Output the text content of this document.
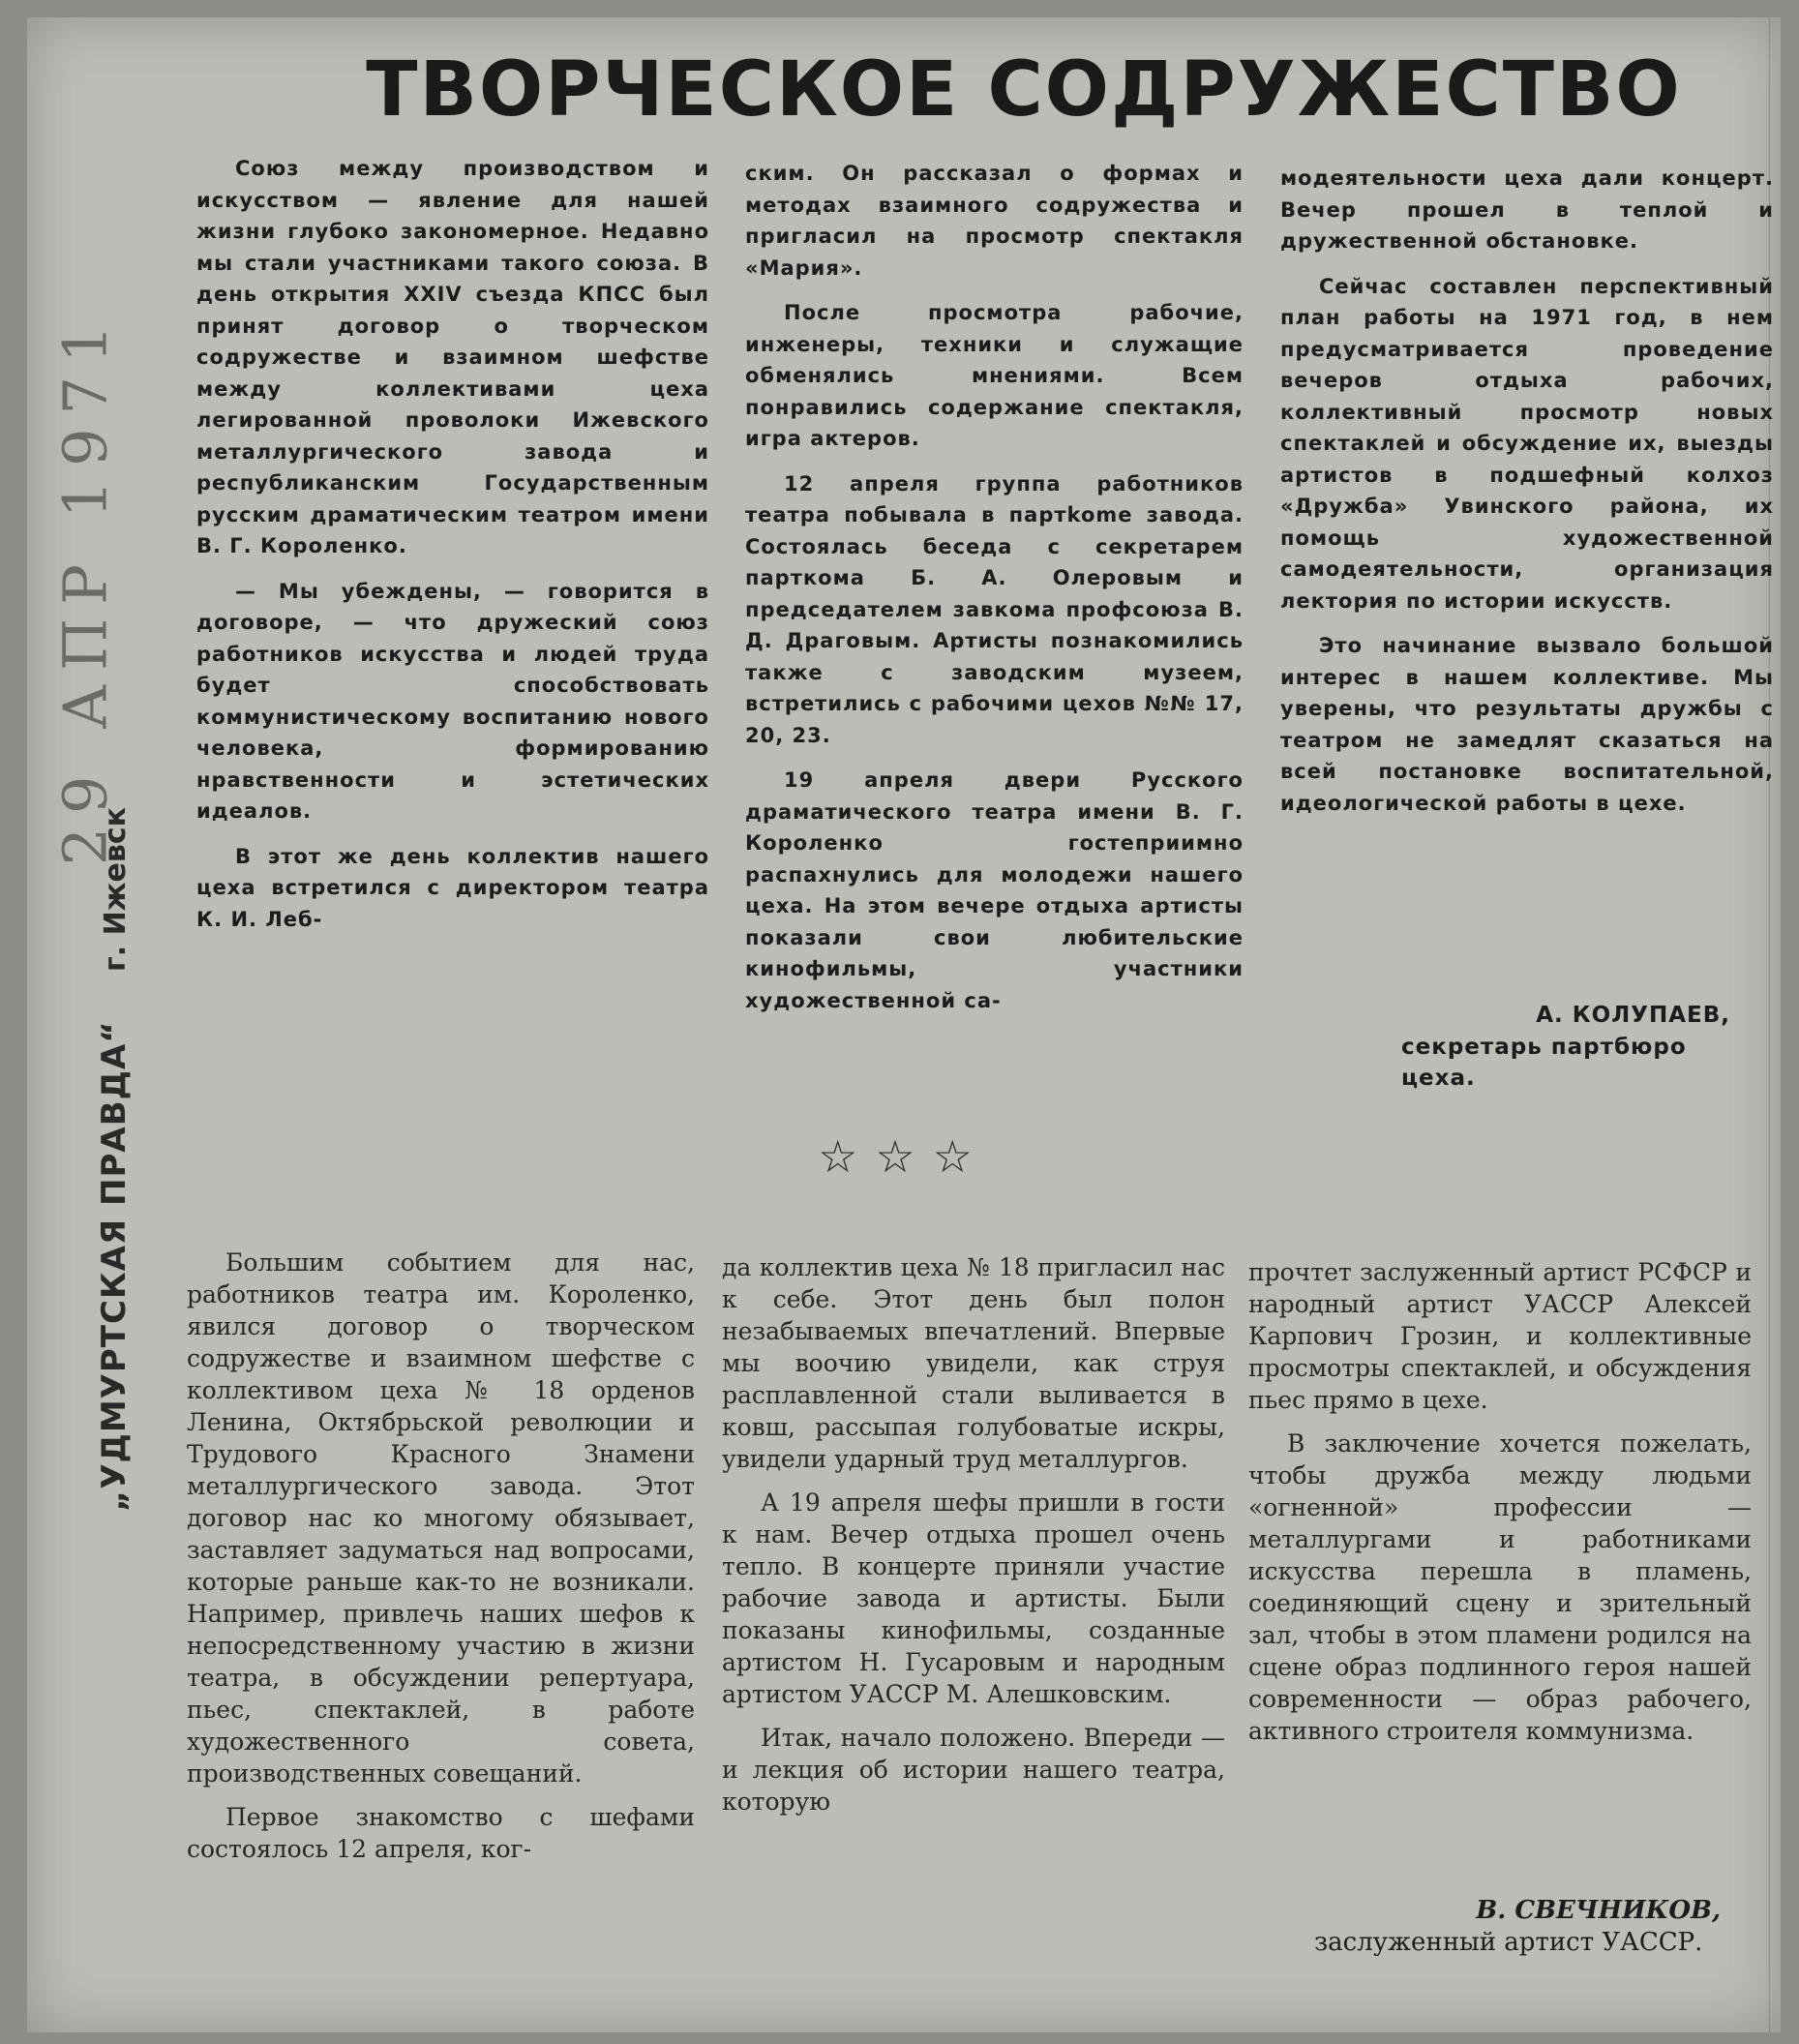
ТВОРЧЕСКОЕ СОДРУЖЕСТВО
29 АПР 1971
„УДМУРТСКАЯ ПРАВДА“ г. Ижевск

Союз между производством и искусством — явление для нашей жизни глубоко закономерное. Недавно мы стали участниками такого союза. В день открытия XXIV съезда КПСС был принят договор о творческом содружестве и взаимном шефстве между коллективами цеха легированной проволоки Ижевского металлургического завода и республиканским Государственным русским драматическим театром имени В. Г. Короленко.

— Мы убеждены, — говорится в договоре, — что дружеский союз работников искусства и людей труда будет способствовать коммунистическому воспитанию нового человека, формированию нравственности и эстетических идеалов.

В этот же день коллектив нашего цеха встретился с директором театра К. И. Леб-

ским. Он рассказал о формах и методах взаимного содружества и пригласил на просмотр спектакля «Мария».

После просмотра рабочие, инженеры, техники и служащие обменялись мнениями. Всем понравились содержание спектакля, игра актеров.

12 апреля группа работников театра побывала в партkome завода. Состоялась беседа с секретарем парткома Б. А. Олеровым и председателем завкома профсоюза В. Д. Драговым. Артисты познакомились также с заводским музеем, встретились с рабочими цехов №№ 17, 20, 23.

19 апреля двери Русского драматического театра имени В. Г. Короленко гостеприимно распахнулись для молодежи нашего цеха. На этом вечере отдыха артисты показали свои любительские кинофильмы, участники художественной са-

модеятельности цеха дали концерт. Вечер прошел в теплой и дружественной обстановке.

Сейчас составлен перспективный план работы на 1971 год, в нем предусматривается проведение вечеров отдыха рабочих, коллективный просмотр новых спектаклей и обсуждение их, выезды артистов в подшефный колхоз «Дружба» Увинского района, их помощь художественной самодеятельности, организация лектория по истории искусств.

Это начинание вызвало большой интерес в нашем коллективе. Мы уверены, что результаты дружбы с театром не замедлят сказаться на всей постановке воспитательной, идеологической работы в цехе.

А. КОЛУПАЕВ,
секретарь партбюро цеха.
☆☆☆

Большим событием для нас, работников театра им. Короленко, явился договор о творческом содружестве и взаимном шефстве с коллективом цеха № 18 орденов Ленина, Октябрьской революции и Трудового Красного Знамени металлургического завода. Этот договор нас ко многому обязывает, заставляет задуматься над вопросами, которые раньше как-то не возникали. Например, привлечь наших шефов к непосредственному участию в жизни театра, в обсуждении репертуара, пьес, спектаклей, в работе художественного совета, производственных совещаний.

Первое знакомство с шефами состоялось 12 апреля, ког-

да коллектив цеха № 18 пригласил нас к себе. Этот день был полон незабываемых впечатлений. Впервые мы воочию увидели, как струя расплавленной стали выливается в ковш, рассыпая голубоватые искры, увидели ударный труд металлургов.

А 19 апреля шефы пришли в гости к нам. Вечер отдыха прошел очень тепло. В концерте приняли участие рабочие завода и артисты. Были показаны кинофильмы, созданные артистом Н. Гусаровым и народным артистом УАССР М. Алешковским.

Итак, начало положено. Впереди — и лекция об истории нашего театра, которую

прочтет заслуженный артист РСФСР и народный артист УАССР Алексей Карпович Грозин, и коллективные просмотры спектаклей, и обсуждения пьес прямо в цехе.

В заключение хочется пожелать, чтобы дружба между людьми «огненной» профессии — металлургами и работниками искусства перешла в пламень, соединяющий сцену и зрительный зал, чтобы в этом пламени родился на сцене образ подлинного героя нашей современности — образ рабочего, активного строителя коммунизма.

В. СВЕЧНИКОВ,
заслуженный артист УАССР.
